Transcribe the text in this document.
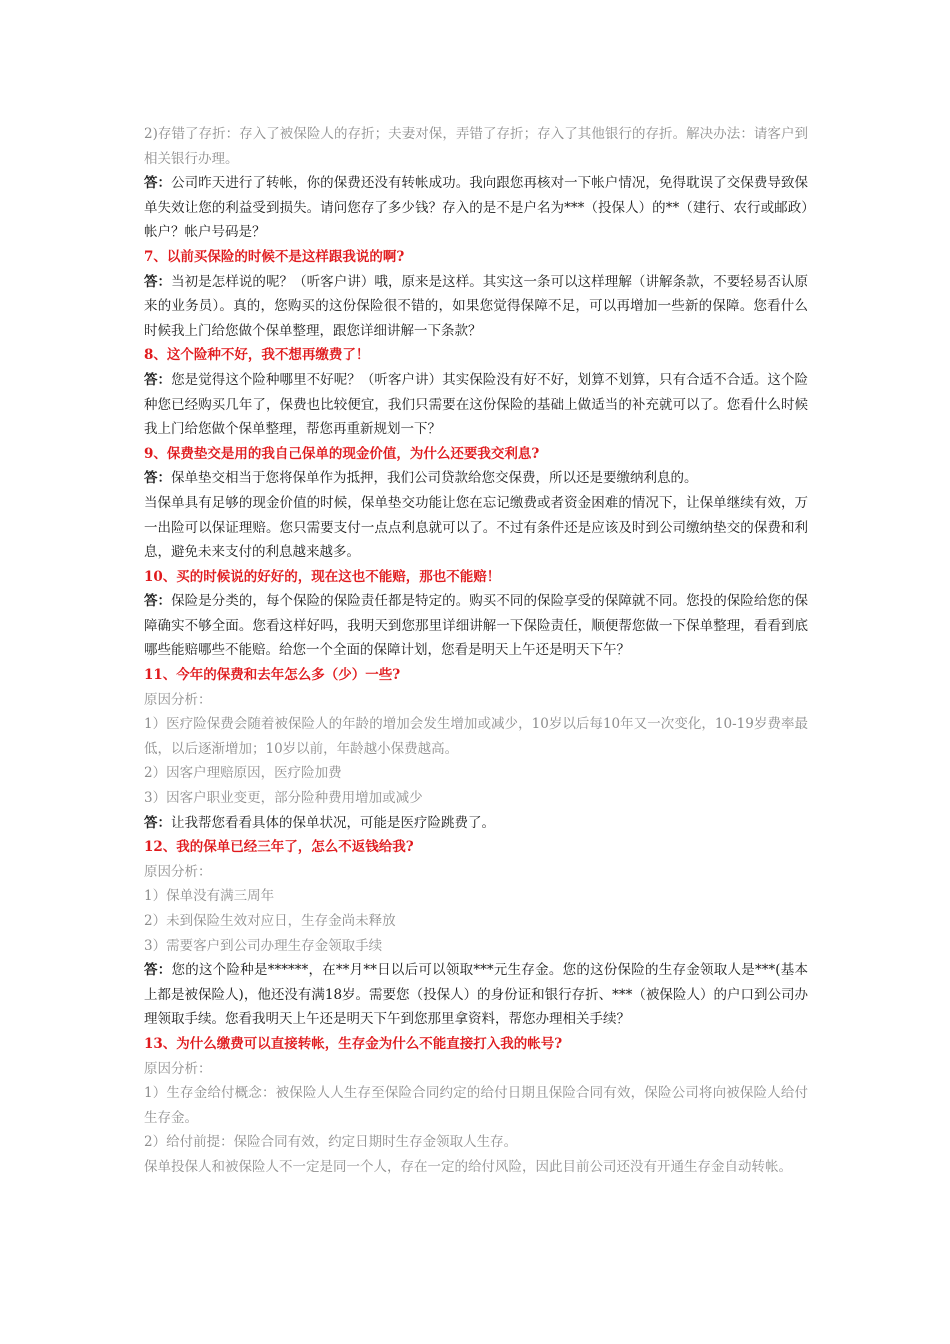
2)存错了存折：存入了被保险人的存折；夫妻对保，弄错了存折；存入了其他银行的存折。解决办法：请客户到相关银行办理。

答：公司昨天进行了转帐，你的保费还没有转帐成功。我向跟您再核对一下帐户情况，免得耽误了交保费导致保单失效让您的利益受到损失。请问您存了多少钱？存入的是不是户名为***（投保人）的**（建行、农行或邮政）帐户？帐户号码是？

7、以前买保险的时候不是这样跟我说的啊?

答：当初是怎样说的呢？（听客户讲）哦，原来是这样。其实这一条可以这样理解（讲解条款，不要轻易否认原来的业务员）。真的，您购买的这份保险很不错的，如果您觉得保障不足，可以再增加一些新的保障。您看什么时候我上门给您做个保单整理，跟您详细讲解一下条款？

8、这个险种不好，我不想再缴费了！

答：您是觉得这个险种哪里不好呢？（听客户讲）其实保险没有好不好，划算不划算，只有合适不合适。这个险种您已经购买几年了，保费也比较便宜，我们只需要在这份保险的基础上做适当的补充就可以了。您看什么时候我上门给您做个保单整理，帮您再重新规划一下？

9、保费垫交是用的我自己保单的现金价值，为什么还要我交利息?

答：保单垫交相当于您将保单作为抵押，我们公司贷款给您交保费，所以还是要缴纳利息的。

当保单具有足够的现金价值的时候，保单垫交功能让您在忘记缴费或者资金困难的情况下，让保单继续有效，万一出险可以保证理赔。您只需要支付一点点利息就可以了。不过有条件还是应该及时到公司缴纳垫交的保费和利息，避免未来支付的利息越来越多。

10、买的时候说的好好的，现在这也不能赔，那也不能赔！

答：保险是分类的，每个保险的保险责任都是特定的。购买不同的保险享受的保障就不同。您投的保险给您的保障确实不够全面。您看这样好吗，我明天到您那里详细讲解一下保险责任，顺便帮您做一下保单整理，看看到底哪些能赔哪些不能赔。给您一个全面的保障计划，您看是明天上午还是明天下午？

11、今年的保费和去年怎么多（少）一些?

原因分析：

1）医疗险保费会随着被保险人的年龄的增加会发生增加或减少，10岁以后每10年又一次变化，10-19岁费率最低，以后逐渐增加；10岁以前，年龄越小保费越高。

2）因客户理赔原因，医疗险加费

3）因客户职业变更，部分险种费用增加或减少

答：让我帮您看看具体的保单状况，可能是医疗险跳费了。

12、我的保单已经三年了，怎么不返钱给我?

原因分析：

1）保单没有满三周年

2）未到保险生效对应日，生存金尚未释放

3）需要客户到公司办理生存金领取手续

答：您的这个险种是******，在**月**日以后可以领取***元生存金。您的这份保险的生存金领取人是***(基本上都是被保险人)，他还没有满18岁。需要您（投保人）的身份证和银行存折、***（被保险人）的户口到公司办理领取手续。您看我明天上午还是明天下午到您那里拿资料，帮您办理相关手续？

13、为什么缴费可以直接转帐，生存金为什么不能直接打入我的帐号?

原因分析：

1）生存金给付概念：被保险人人生存至保险合同约定的给付日期且保险合同有效，保险公司将向被保险人给付生存金。

2）给付前提：保险合同有效，约定日期时生存金领取人生存。

保单投保人和被保险人不一定是同一个人，存在一定的给付风险，因此目前公司还没有开通生存金自动转帐。
